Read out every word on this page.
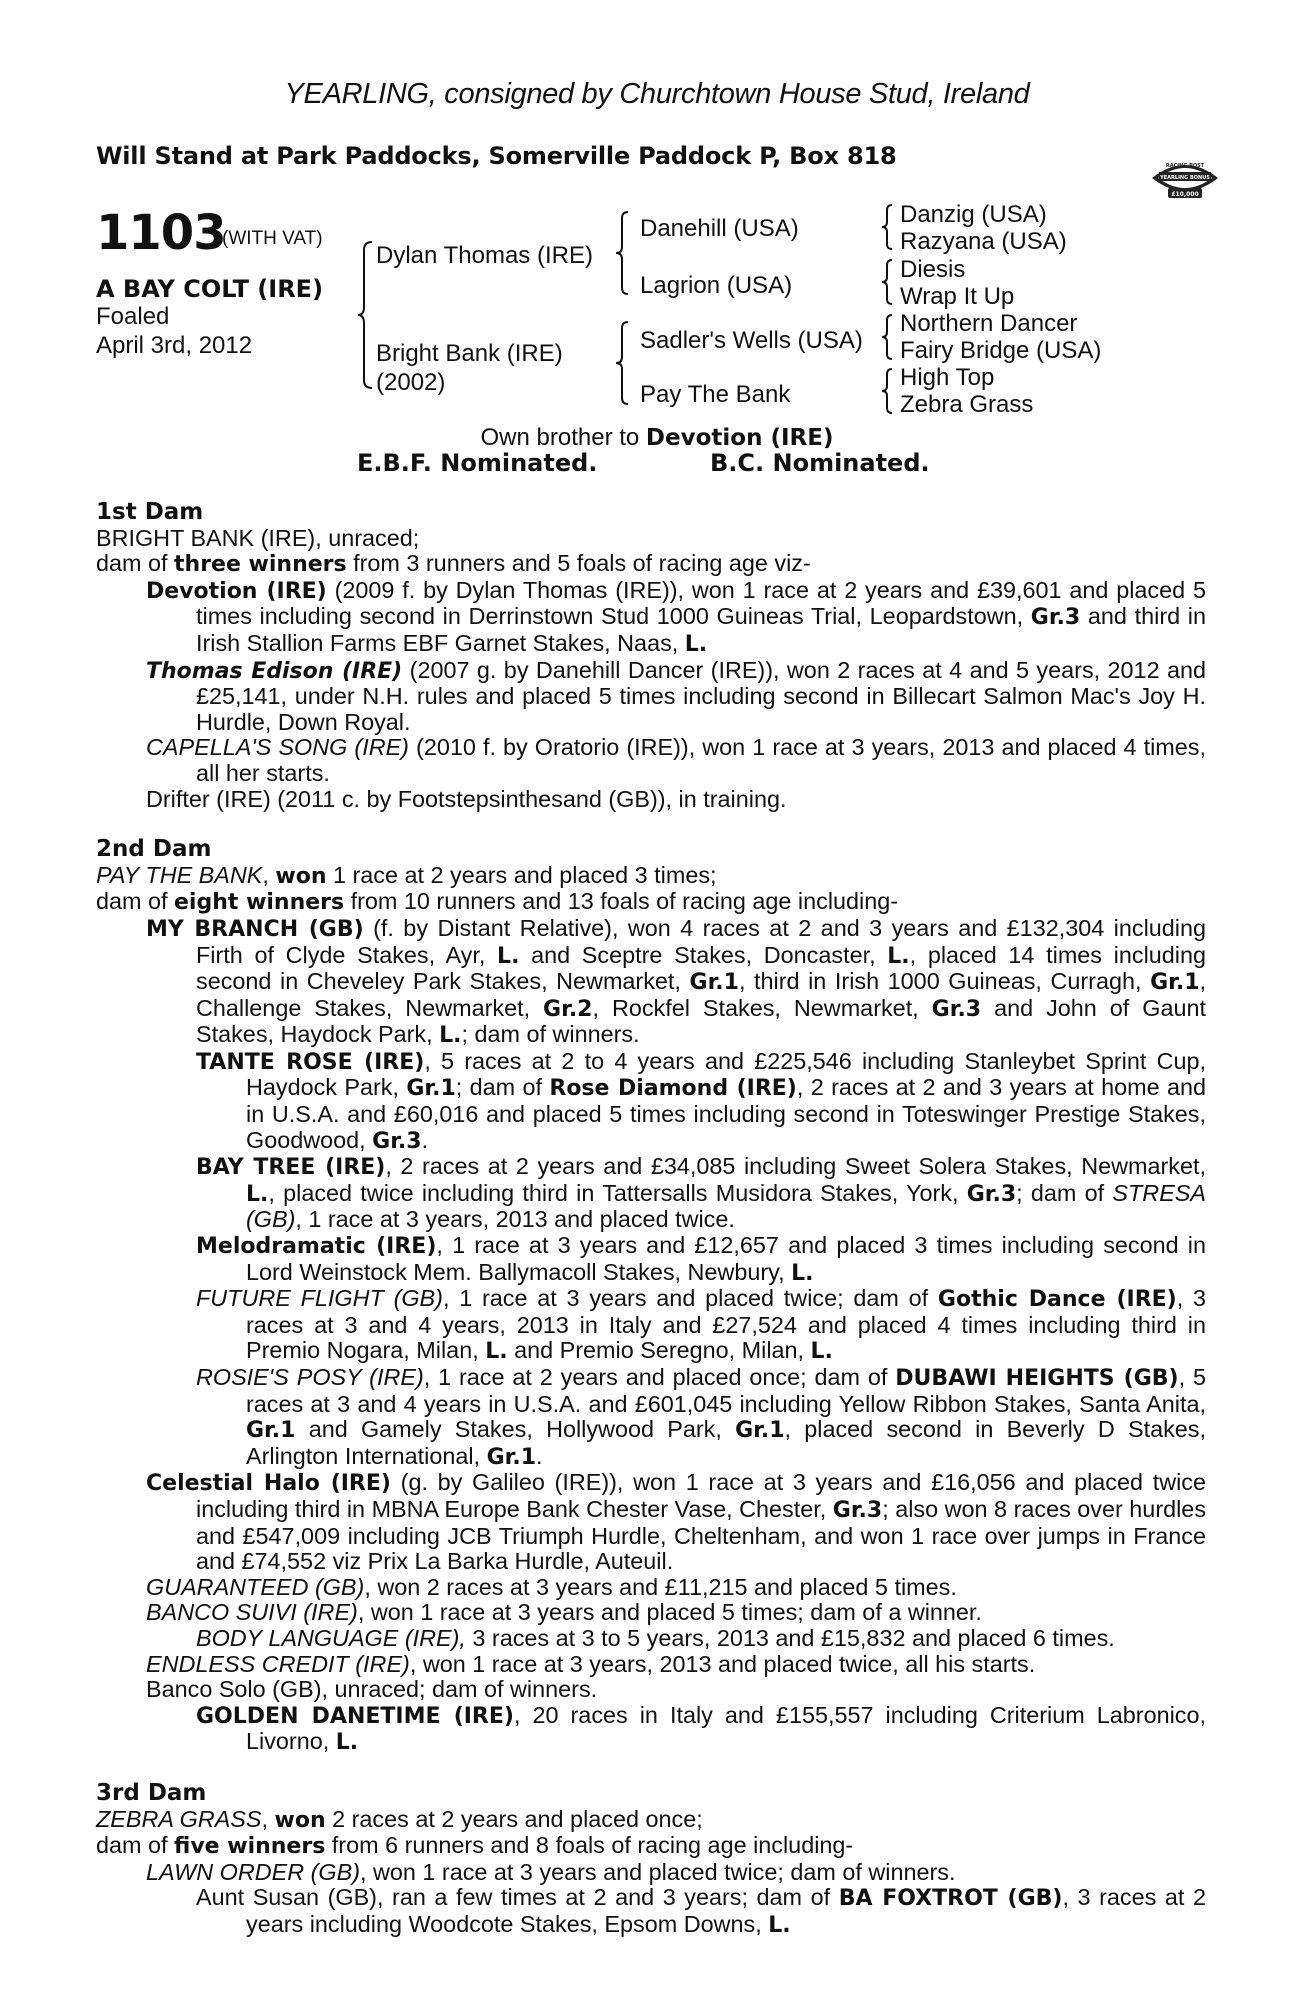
YEARLING, consigned by Churchtown House Stud, Ireland
Will Stand at Park Paddocks, Somerville Paddock P, Box 818	RACING POST
YEARLING BONUS
£10,000
1103
(WITH VAT)
A BAY COLT (IRE)
Foaled
April 3rd, 2012
Dylan Thomas (IRE)
Bright Bank (IRE)
(2002)
Danehill (USA)
Lagrion (USA)
Sadler's Wells (USA)
Pay The Bank
Danzig (USA)
Razyana (USA)
Diesis
Wrap It Up
Northern Dancer
Fairy Bridge (USA)
High Top
Zebra Grass
Own brother to Devotion (IRE)
E.B.F. Nominated.	B.C. Nominated.

1st Dam

BRIGHT BANK (IRE), unraced;

dam of three winners from 3 runners and 5 foals of racing age viz-

Devotion (IRE) (2009 f. by Dylan Thomas (IRE)), won 1 race at 2 years and £39,601 and placed 5 times including second in Derrinstown Stud 1000 Guineas Trial, Leopardstown, Gr.3 and third in Irish Stallion Farms EBF Garnet Stakes, Naas, L.

Thomas Edison (IRE) (2007 g. by Danehill Dancer (IRE)), won 2 races at 4 and 5 years, 2012 and £25,141, under N.H. rules and placed 5 times including second in Billecart Salmon Mac's Joy H. Hurdle, Down Royal.

CAPELLA'S SONG (IRE) (2010 f. by Oratorio (IRE)), won 1 race at 3 years, 2013 and placed 4 times, all her starts.

Drifter (IRE) (2011 c. by Footstepsinthesand (GB)), in training.

2nd Dam

PAY THE BANK, won 1 race at 2 years and placed 3 times;

dam of eight winners from 10 runners and 13 foals of racing age including-

MY BRANCH (GB) (f. by Distant Relative), won 4 races at 2 and 3 years and £132,304 including Firth of Clyde Stakes, Ayr, L. and Sceptre Stakes, Doncaster, L., placed 14 times including second in Cheveley Park Stakes, Newmarket, Gr.1, third in Irish 1000 Guineas, Curragh, Gr.1, Challenge Stakes, Newmarket, Gr.2, Rockfel Stakes, Newmarket, Gr.3 and John of Gaunt Stakes, Haydock Park, L.; dam of winners.

TANTE ROSE (IRE), 5 races at 2 to 4 years and £225,546 including Stanleybet Sprint Cup, Haydock Park, Gr.1; dam of Rose Diamond (IRE), 2 races at 2 and 3 years at home and in U.S.A. and £60,016 and placed 5 times including second in Toteswinger Prestige Stakes, Goodwood, Gr.3.

BAY TREE (IRE), 2 races at 2 years and £34,085 including Sweet Solera Stakes, Newmarket, L., placed twice including third in Tattersalls Musidora Stakes, York, Gr.3; dam of STRESA (GB), 1 race at 3 years, 2013 and placed twice.

Melodramatic (IRE), 1 race at 3 years and £12,657 and placed 3 times including second in Lord Weinstock Mem. Ballymacoll Stakes, Newbury, L.

FUTURE FLIGHT (GB), 1 race at 3 years and placed twice; dam of Gothic Dance (IRE), 3 races at 3 and 4 years, 2013 in Italy and £27,524 and placed 4 times including third in Premio Nogara, Milan, L. and Premio Seregno, Milan, L.

ROSIE'S POSY (IRE), 1 race at 2 years and placed once; dam of DUBAWI HEIGHTS (GB), 5 races at 3 and 4 years in U.S.A. and £601,045 including Yellow Ribbon Stakes, Santa Anita, Gr.1 and Gamely Stakes, Hollywood Park, Gr.1, placed second in Beverly D Stakes, Arlington International, Gr.1.

Celestial Halo (IRE) (g. by Galileo (IRE)), won 1 race at 3 years and £16,056 and placed twice including third in MBNA Europe Bank Chester Vase, Chester, Gr.3; also won 8 races over hurdles and £547,009 including JCB Triumph Hurdle, Cheltenham, and won 1 race over jumps in France and £74,552 viz Prix La Barka Hurdle, Auteuil.

GUARANTEED (GB), won 2 races at 3 years and £11,215 and placed 5 times.

BANCO SUIVI (IRE), won 1 race at 3 years and placed 5 times; dam of a winner.

BODY LANGUAGE (IRE), 3 races at 3 to 5 years, 2013 and £15,832 and placed 6 times.

ENDLESS CREDIT (IRE), won 1 race at 3 years, 2013 and placed twice, all his starts.

Banco Solo (GB), unraced; dam of winners.

GOLDEN DANETIME (IRE), 20 races in Italy and £155,557 including Criterium Labronico, Livorno, L.

3rd Dam

ZEBRA GRASS, won 2 races at 2 years and placed once;

dam of five winners from 6 runners and 8 foals of racing age including-

LAWN ORDER (GB), won 1 race at 3 years and placed twice; dam of winners.

Aunt Susan (GB), ran a few times at 2 and 3 years; dam of BA FOXTROT (GB), 3 races at 2 years including Woodcote Stakes, Epsom Downs, L.
